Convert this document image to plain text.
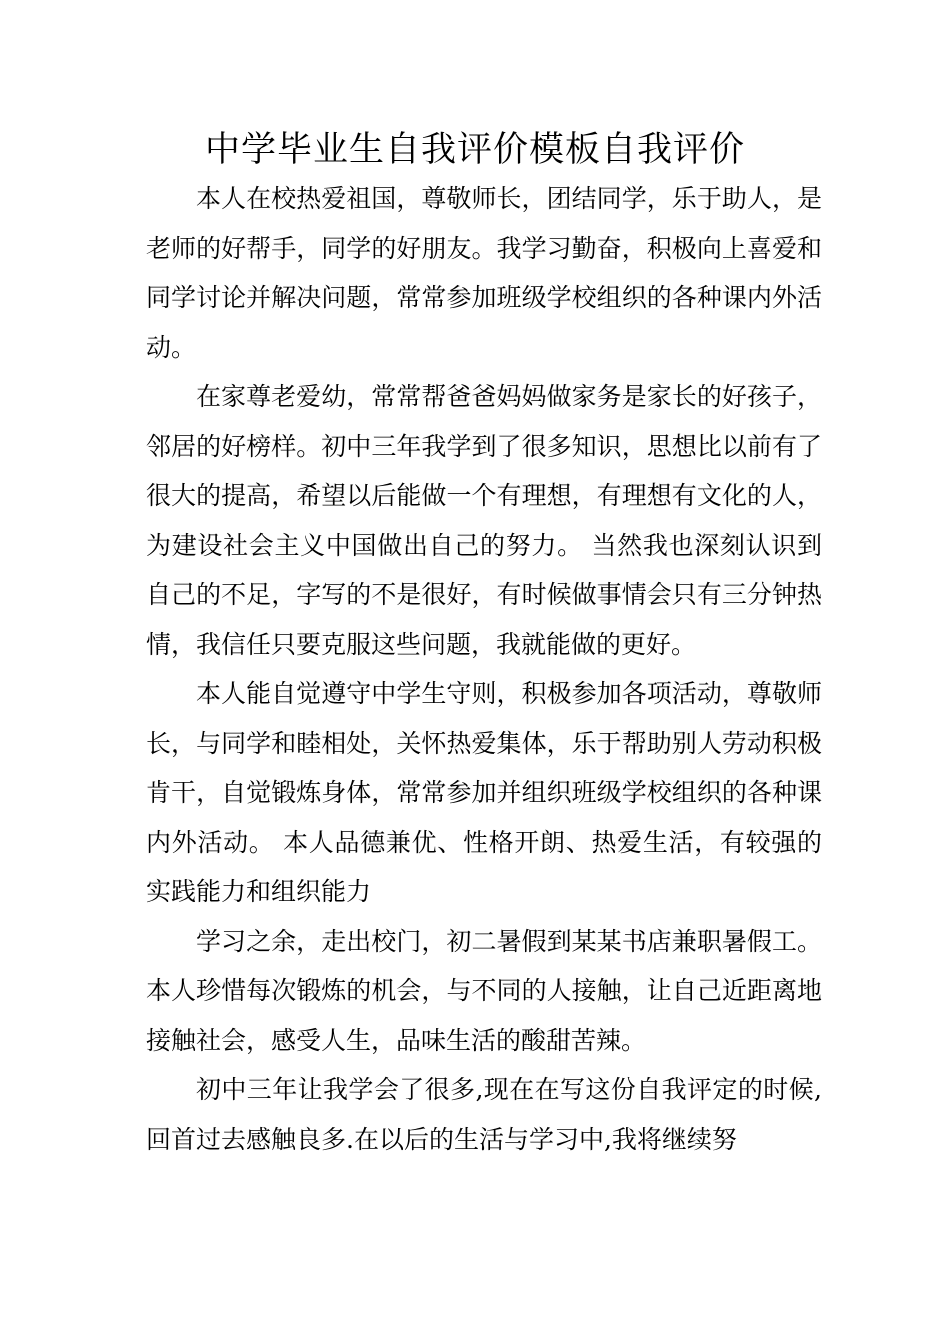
中学毕业生自我评价模板自我评价

本人在校热爱祖国，尊敬师长，团结同学，乐于助人，是老师的好帮手，同学的好朋友。我学习勤奋，积极向上喜爱和同学讨论并解决问题，常常参加班级学校组织的各种课内外活动。

在家尊老爱幼，常常帮爸爸妈妈做家务是家长的好孩子，邻居的好榜样。初中三年我学到了很多知识，思想比以前有了很大的提高，希望以后能做一个有理想，有理想有文化的人，为建设社会主义中国做出自己的努力。 当然我也深刻认识到自己的不足，字写的不是很好，有时候做事情会只有三分钟热情，我信任只要克服这些问题，我就能做的更好。

本人能自觉遵守中学生守则，积极参加各项活动，尊敬师长，与同学和睦相处，关怀热爱集体，乐于帮助别人劳动积极肯干，自觉锻炼身体，常常参加并组织班级学校组织的各种课内外活动。 本人品德兼优、性格开朗、热爱生活，有较强的实践能力和组织能力

学习之余，走出校门，初二暑假到某某书店兼职暑假工。本人珍惜每次锻炼的机会，与不同的人接触，让自己近距离地接触社会，感受人生，品味生活的酸甜苦辣。

初中三年让我学会了很多,现在在写这份自我评定的时候,回首过去感触良多.在以后的生活与学习中,我将继续努
